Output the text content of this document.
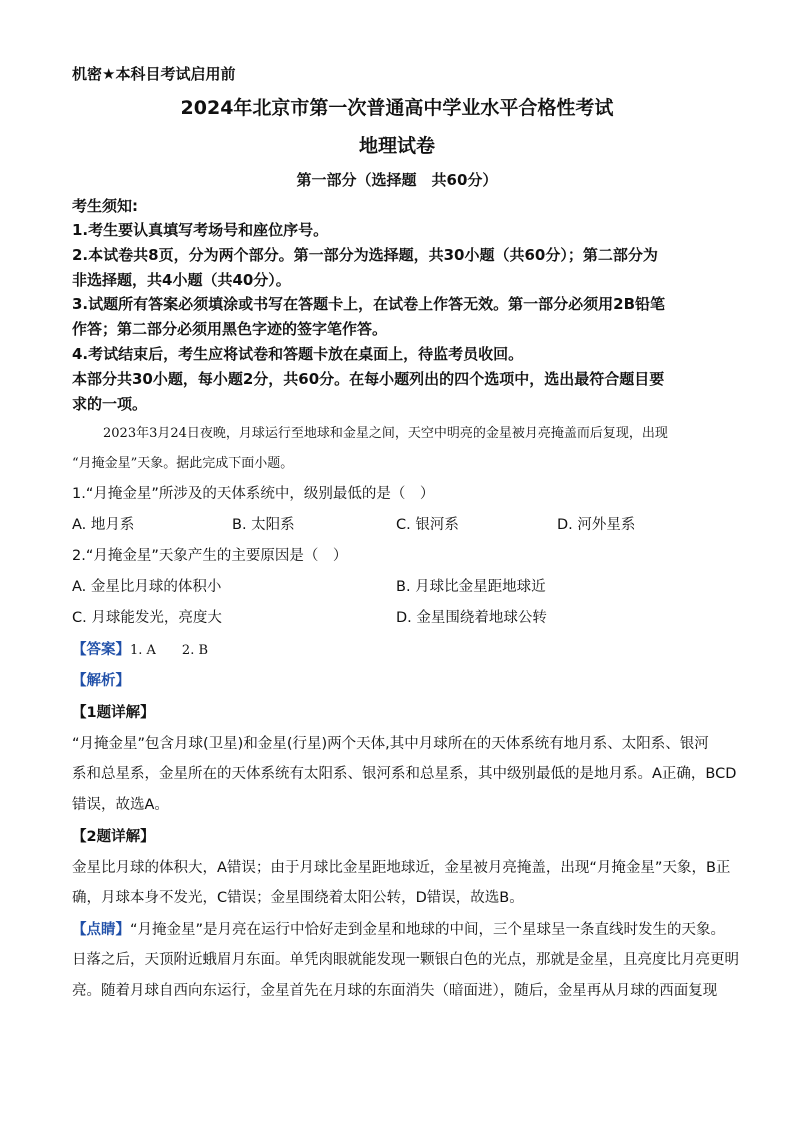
机密★本科目考试启用前
2024年北京市第一次普通高中学业水平合格性考试
地理试卷
第一部分（选择题　共60分）
考生须知:
1.考生要认真填写考场号和座位序号。
2.本试卷共8页，分为两个部分。第一部分为选择题，共30小题（共60分）；第二部分为
非选择题，共4小题（共40分）。
3.试题所有答案必须填涂或书写在答题卡上，在试卷上作答无效。第一部分必须用2B铅笔
作答；第二部分必须用黑色字迹的签字笔作答。
4.考试结束后，考生应将试卷和答题卡放在桌面上，待监考员收回。
本部分共30小题，每小题2分，共60分。在每小题列出的四个选项中，选出最符合题目要
求的一项。
2023年3月24日夜晚，月球运行至地球和金星之间，天空中明亮的金星被月亮掩盖而后复现，出现
“月掩金星”天象。据此完成下面小题。
1.“月掩金星”所涉及的天体系统中，级别最低的是（　）
A. 地月系	B. 太阳系	C. 银河系	D. 河外星系
2.“月掩金星”天象产生的主要原因是（　）
A. 金星比月球的体积小	B. 月球比金星距地球近
C. 月球能发光，亮度大	D. 金星围绕着地球公转
【答案】1. A　　2. B
【解析】
【1题详解】
“月掩金星”包含月球(卫星)和金星(行星)两个天体,其中月球所在的天体系统有地月系、太阳系、银河
系和总星系，金星所在的天体系统有太阳系、银河系和总星系，其中级别最低的是地月系。A正确，BCD
错误，故选A。
【2题详解】
金星比月球的体积大，A错误；由于月球比金星距地球近，金星被月亮掩盖，出现“月掩金星”天象，B正
确，月球本身不发光，C错误；金星围绕着太阳公转，D错误，故选B。
【点睛】“月掩金星”是月亮在运行中恰好走到金星和地球的中间，三个星球呈一条直线时发生的天象。
日落之后，天顶附近蛾眉月东面。单凭肉眼就能发现一颗银白色的光点，那就是金星，且亮度比月亮更明
亮。随着月球自西向东运行，金星首先在月球的东面消失（暗面进），随后，金星再从月球的西面复现
